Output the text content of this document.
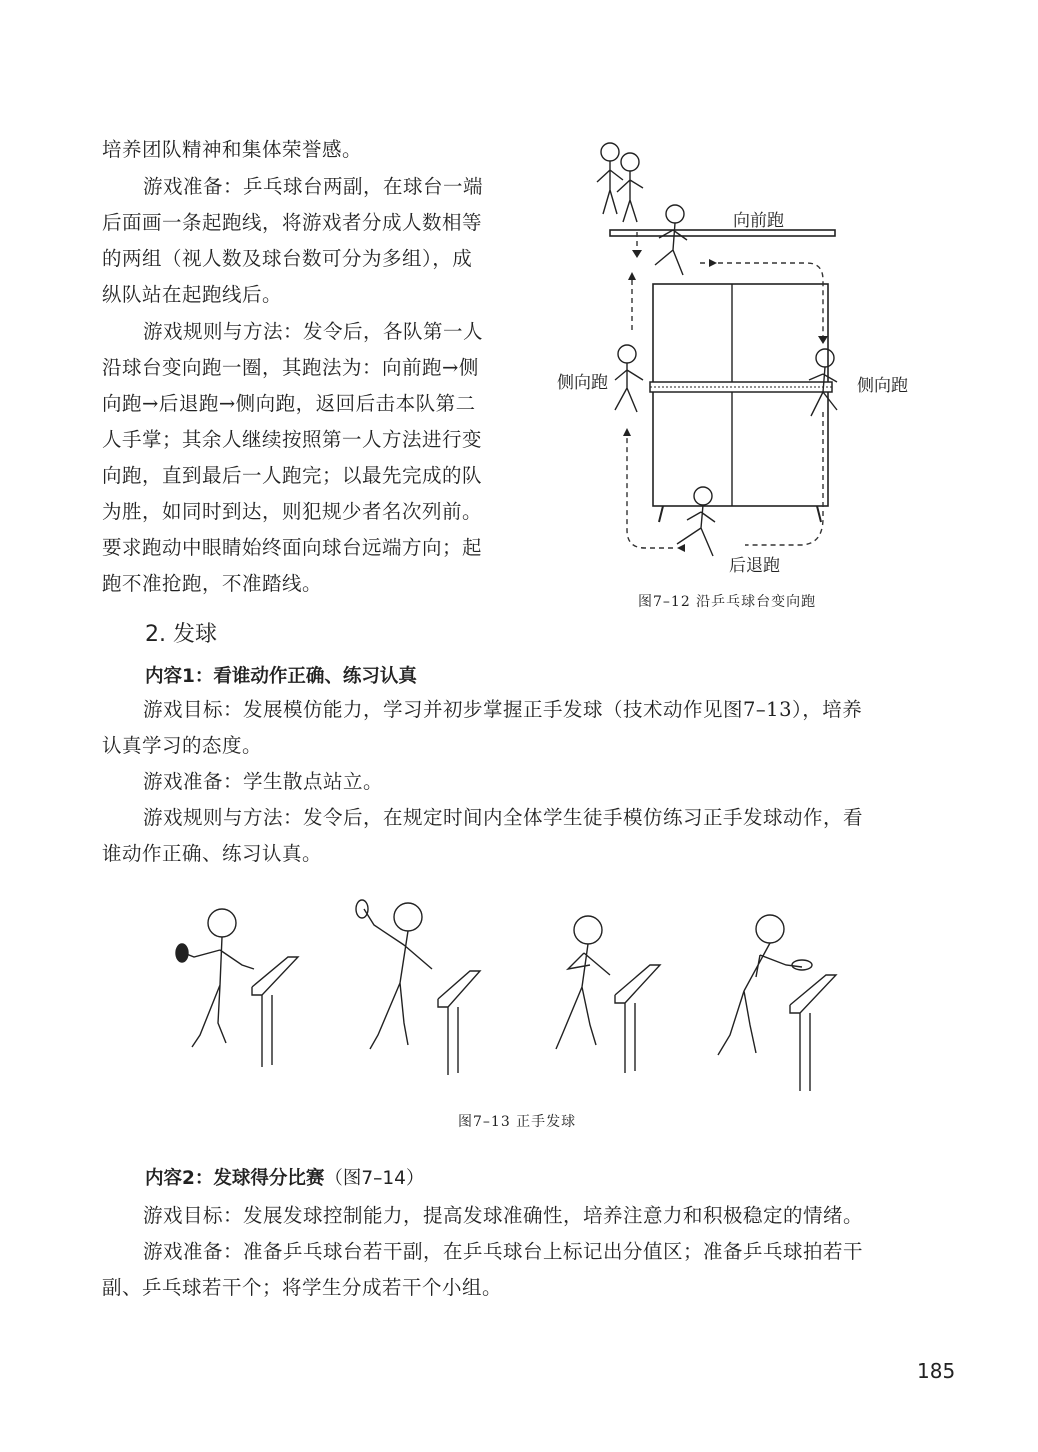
培养团队精神和集体荣誉感。
游戏准备：乒乓球台两副，在球台一端
后面画一条起跑线，将游戏者分成人数相等
的两组（视人数及球台数可分为多组），成
纵队站在起跑线后。
游戏规则与方法：发令后，各队第一人
沿球台变向跑一圈，其跑法为：向前跑→侧
向跑→后退跑→侧向跑，返回后击本队第二
人手掌；其余人继续按照第一人方法进行变
向跑，直到最后一人跑完；以最先完成的队
为胜，如同时到达，则犯规少者名次列前。
要求跑动中眼睛始终面向球台远端方向；起
跑不准抢跑，不准踏线。
向前跑
侧向跑	侧向跑
后退跑
图7–12 沿乒乓球台变向跑
2. 发球
内容1：看谁动作正确、练习认真
游戏目标：发展模仿能力，学习并初步掌握正手发球（技术动作见图7–13），培养
认真学习的态度。
游戏准备：学生散点站立。
游戏规则与方法：发令后，在规定时间内全体学生徒手模仿练习正手发球动作，看
谁动作正确、练习认真。
图7–13 正手发球
内容2：发球得分比赛（图7–14）
游戏目标：发展发球控制能力，提高发球准确性，培养注意力和积极稳定的情绪。
游戏准备：准备乒乓球台若干副，在乒乓球台上标记出分值区；准备乒乓球拍若干
副、乒乓球若干个；将学生分成若干个小组。
185
